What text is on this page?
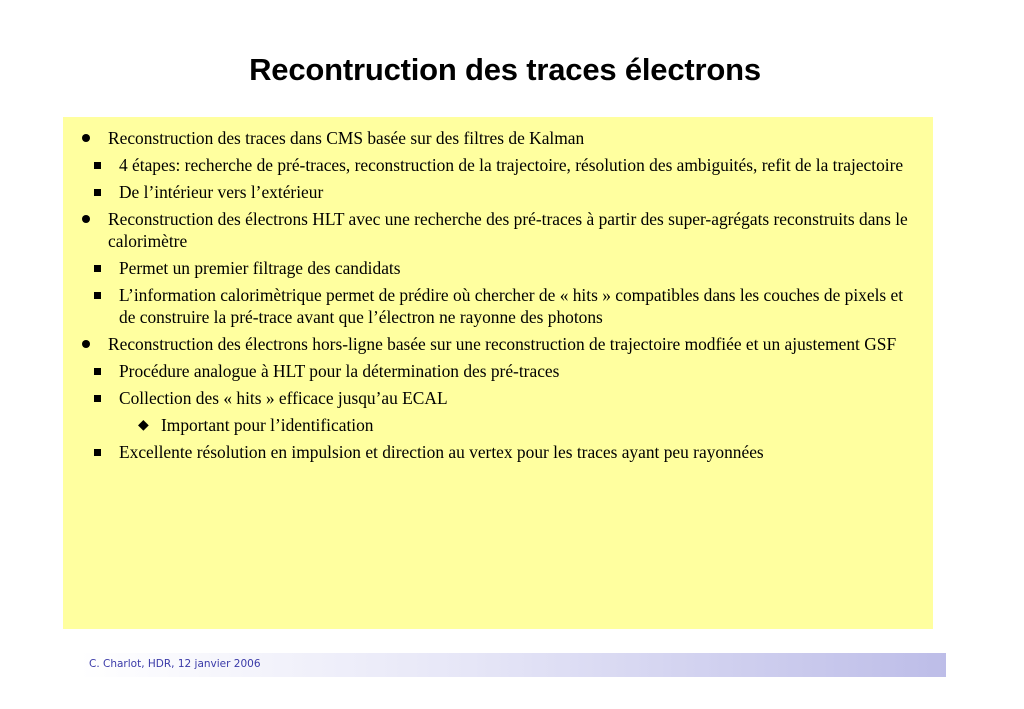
Recontruction des traces électrons
Reconstruction des traces dans CMS basée sur des filtres de Kalman
4 étapes: recherche de pré-traces, reconstruction de la trajectoire, résolution des ambiguités, refit de la trajectoire
De l’intérieur vers l’extérieur
Reconstruction des électrons HLT avec une recherche des pré-traces à partir des super-agrégats reconstruits dans le calorimètre
Permet un premier filtrage des candidats
L’information calorimètrique permet de prédire où chercher de « hits » compatibles dans les couches de pixels et de construire la pré-trace avant que l’électron ne rayonne des photons
Reconstruction des électrons hors-ligne basée sur une reconstruction de trajectoire modfiée et un ajustement GSF
Procédure analogue à HLT pour la détermination des pré-traces
Collection des « hits » efficace jusqu’au ECAL
◆ Important pour l’identification
Excellente résolution en impulsion et direction au vertex pour les traces ayant peu rayonnées
C. Charlot, HDR, 12 janvier 2006
